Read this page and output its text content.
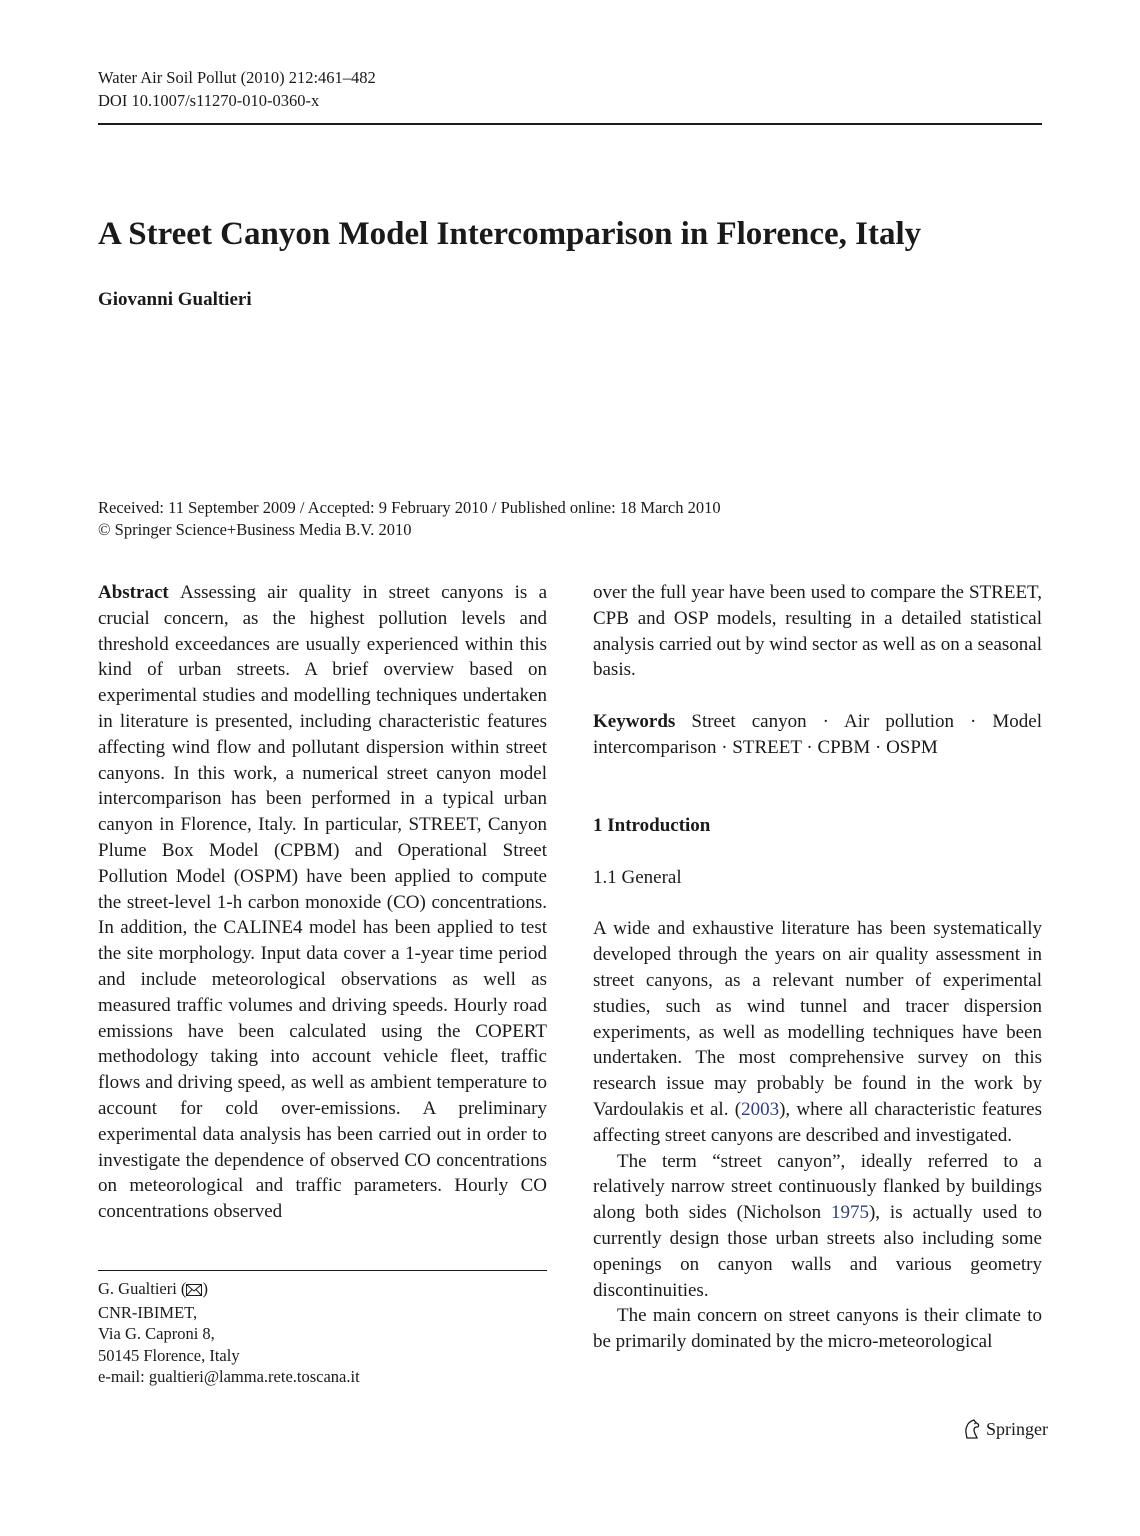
Water Air Soil Pollut (2010) 212:461–482
DOI 10.1007/s11270-010-0360-x
A Street Canyon Model Intercomparison in Florence, Italy
Giovanni Gualtieri
Received: 11 September 2009 / Accepted: 9 February 2010 / Published online: 18 March 2010
© Springer Science+Business Media B.V. 2010

Abstract Assessing air quality in street canyons is a crucial concern, as the highest pollution levels and threshold exceedances are usually experienced within this kind of urban streets. A brief overview based on experimental studies and modelling techniques undertaken in literature is presented, including characteristic features affecting wind flow and pollutant dispersion within street canyons. In this work, a numerical street canyon model intercomparison has been performed in a typical urban canyon in Florence, Italy. In particular, STREET, Canyon Plume Box Model (CPBM) and Operational Street Pollution Model (OSPM) have been applied to compute the street-level 1-h carbon monoxide (CO) concentrations. In addition, the CALINE4 model has been applied to test the site morphology. Input data cover a 1-year time period and include meteorological observations as well as measured traffic volumes and driving speeds. Hourly road emissions have been calculated using the COPERT methodology taking into account vehicle fleet, traffic flows and driving speed, as well as ambient temperature to account for cold over-emissions. A preliminary experimental data analysis has been carried out in order to investigate the dependence of observed CO concentrations on meteorological and traffic parameters. Hourly CO concentrations observed

over the full year have been used to compare the STREET, CPB and OSP models, resulting in a detailed statistical analysis carried out by wind sector as well as on a seasonal basis.

Keywords Street canyon · Air pollution · Model intercomparison · STREET · CPBM · OSPM

1 Introduction

1.1 General

A wide and exhaustive literature has been systematically developed through the years on air quality assessment in street canyons, as a relevant number of experimental studies, such as wind tunnel and tracer dispersion experiments, as well as modelling techniques have been undertaken. The most comprehensive survey on this research issue may probably be found in the work by Vardoulakis et al. (2003), where all characteristic features affecting street canyons are described and investigated.

The term “street canyon”, ideally referred to a relatively narrow street continuously flanked by buildings along both sides (Nicholson 1975), is actually used to currently design those urban streets also including some openings on canyon walls and various geometry discontinuities.

The main concern on street canyons is their climate to be primarily dominated by the micro-meteorological

G. Gualtieri ( )
CNR-IBIMET,
Via G. Caproni 8,
50145 Florence, Italy
e-mail: gualtieri@lamma.rete.toscana.it
Springer
